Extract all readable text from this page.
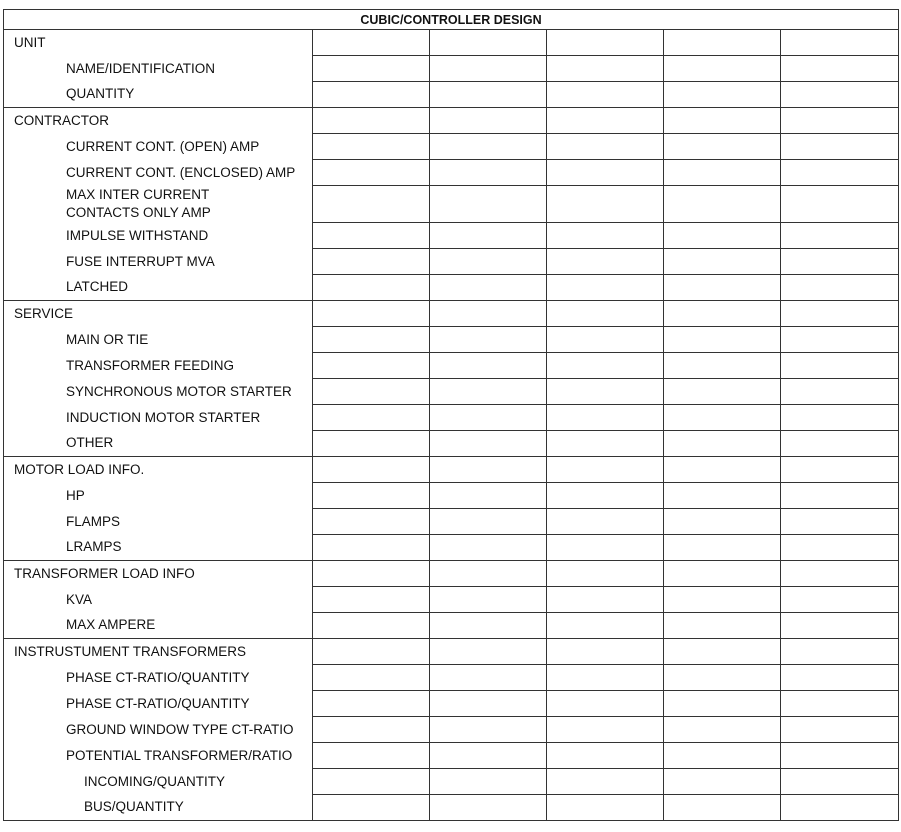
CUBIC/CONTROLLER DESIGN					
UNIT					
NAME/IDENTIFICATION					
QUANTITY					
CONTRACTOR					
CURRENT CONT. (OPEN) AMP					
CURRENT CONT. (ENCLOSED) AMP					

MAX INTER CURRENT
CONTACTS ONLY AMP					

IMPULSE WITHSTAND					
FUSE INTERRUPT MVA					
LATCHED					
SERVICE					
MAIN OR TIE					
TRANSFORMER FEEDING					
SYNCHRONOUS MOTOR STARTER					
INDUCTION MOTOR STARTER					
OTHER					
MOTOR LOAD INFO.					
HP					
FLAMPS					
LRAMPS					
TRANSFORMER LOAD INFO					
KVA					
MAX AMPERE					
INSTRUSTUMENT TRANSFORMERS					
PHASE CT-RATIO/QUANTITY					
PHASE CT-RATIO/QUANTITY					
GROUND WINDOW TYPE CT-RATIO					
POTENTIAL TRANSFORMER/RATIO					
INCOMING/QUANTITY					
BUS/QUANTITY					
